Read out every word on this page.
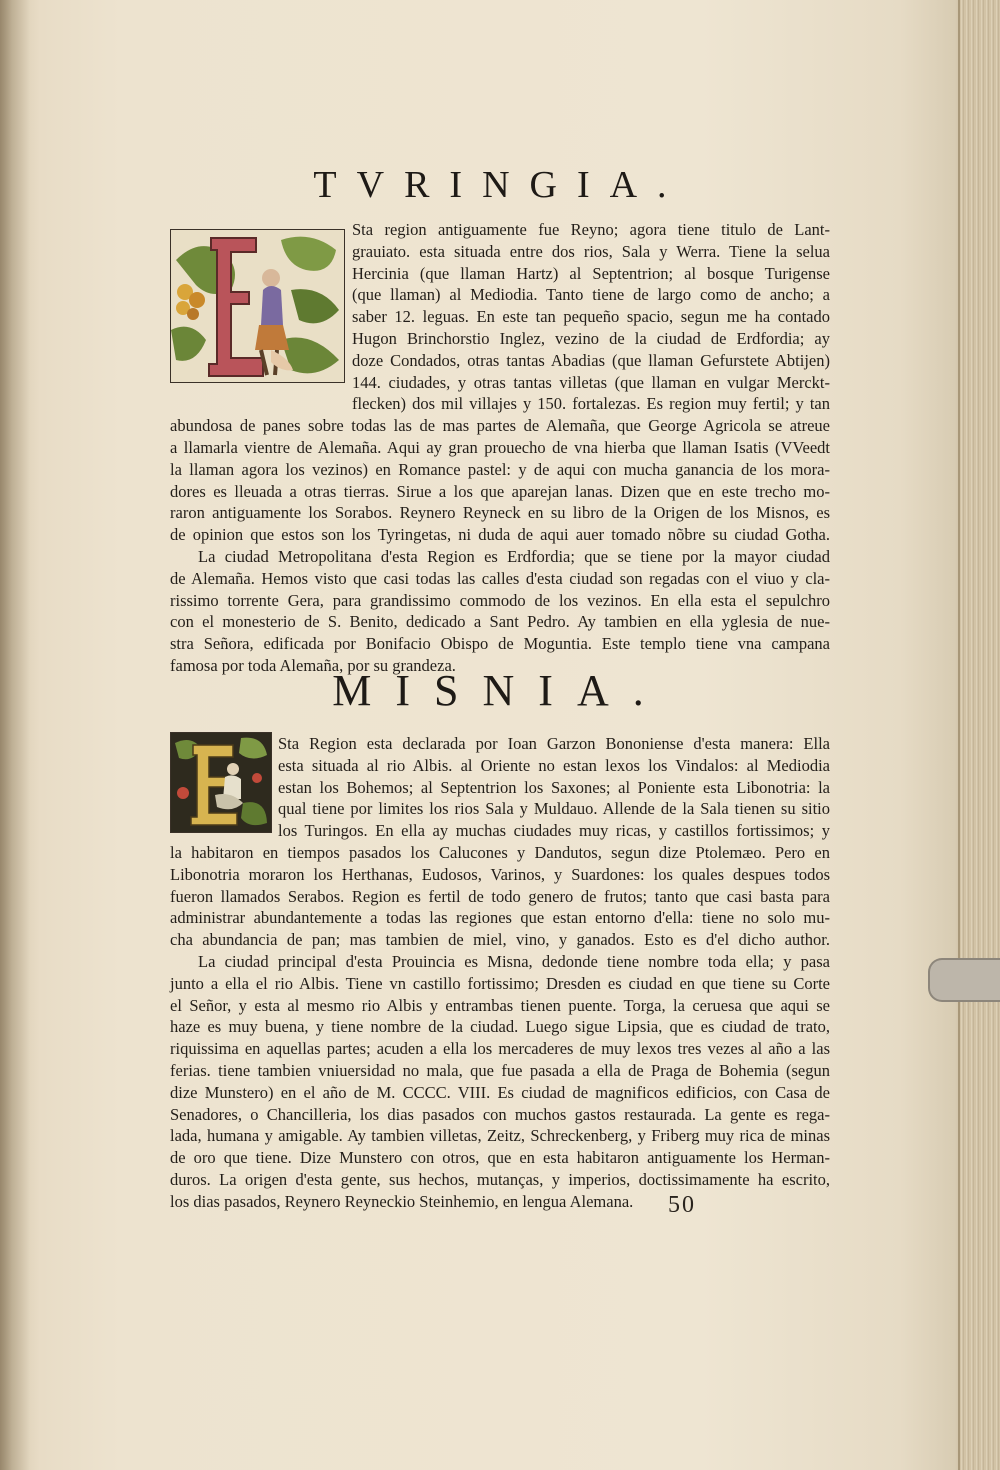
TVRINGIA.
Sta region antiguamente fue Reyno; agora tiene titulo de Lant-
grauiato. esta situada entre dos rios, Sala y Werra. Tiene la selua
Hercinia (que llaman Hartz) al Septentrion; al bosque Turigense
(que llaman) al Mediodia. Tanto tiene de largo como de ancho; a
saber 12. leguas. En este tan pequeño spacio, segun me ha contado
Hugon Brinchorstio Inglez, vezino de la ciudad de Erdfordia; ay
doze Condados, otras tantas Abadias (que llaman Gefurstete Abtijen)
144. ciudades, y otras tantas villetas (que llaman en vulgar Merckt-
flecken) dos mil villajes y 150. fortalezas. Es region muy fertil; y tan
abundosa de panes sobre todas las de mas partes de Alemaña, que George Agricola se atreue
a llamarla vientre de Alemaña. Aqui ay gran prouecho de vna hierba que llaman Isatis (VVeedt
la llaman agora los vezinos) en Romance pastel: y de aqui con mucha ganancia de los mora-
dores es lleuada a otras tierras. Sirue a los que aparejan lanas. Dizen que en este trecho mo-
raron antiguamente los Sorabos. Reynero Reyneck en su libro de la Origen de los Misnos, es
de opinion que estos son los Tyringetas, ni duda de aqui auer tomado nõbre su ciudad Gotha.
La ciudad Metropolitana d'esta Region es Erdfordia; que se tiene por la mayor ciudad
de Alemaña. Hemos visto que casi todas las calles d'esta ciudad son regadas con el viuo y cla-
rissimo torrente Gera, para grandissimo commodo de los vezinos. En ella esta el sepulchro
con el monesterio de S. Benito, dedicado a Sant Pedro. Ay tambien en ella yglesia de nue-
stra Señora, edificada por Bonifacio Obispo de Moguntia. Este templo tiene vna campana
famosa por toda Alemaña, por su grandeza.
MISNIA.
Sta Region esta declarada por Ioan Garzon Bononiense d'esta manera: Ella
esta situada al rio Albis. al Oriente no estan lexos los Vindalos: al Mediodia
estan los Bohemos; al Septentrion los Saxones; al Poniente esta Libonotria: la
qual tiene por limites los rios Sala y Muldauo. Allende de la Sala tienen su sitio
los Turingos. En ella ay muchas ciudades muy ricas, y castillos fortissimos; y
la habitaron en tiempos pasados los Calucones y Dandutos, segun dize Ptolemæo. Pero en
Libonotria moraron los Herthanas, Eudosos, Varinos, y Suardones: los quales despues todos
fueron llamados Serabos. Region es fertil de todo genero de frutos; tanto que casi basta para
administrar abundantemente a todas las regiones que estan entorno d'ella: tiene no solo mu-
cha abundancia de pan; mas tambien de miel, vino, y ganados. Esto es d'el dicho author.
La ciudad principal d'esta Prouincia es Misna, dedonde tiene nombre toda ella; y pasa
junto a ella el rio Albis. Tiene vn castillo fortissimo; Dresden es ciudad en que tiene su Corte
el Señor, y esta al mesmo rio Albis y entrambas tienen puente. Torga, la ceruesa que aqui se
haze es muy buena, y tiene nombre de la ciudad. Luego sigue Lipsia, que es ciudad de trato,
riquissima en aquellas partes; acuden a ella los mercaderes de muy lexos tres vezes al año a las
ferias. tiene tambien vniuersidad no mala, que fue pasada a ella de Praga de Bohemia (segun
dize Munstero) en el año de M. CCCC. VIII. Es ciudad de magnificos edificios, con Casa de
Senadores, o Chancilleria, los dias pasados con muchos gastos restaurada. La gente es rega-
lada, humana y amigable. Ay tambien villetas, Zeitz, Schreckenberg, y Friberg muy rica de minas
de oro que tiene. Dize Munstero con otros, que en esta habitaron antiguamente los Herman-
duros. La origen d'esta gente, sus hechos, mutanças, y imperios, doctissimamente ha escrito,
los dias pasados, Reynero Reyneckio Steinhemio, en lengua Alemana.	50
